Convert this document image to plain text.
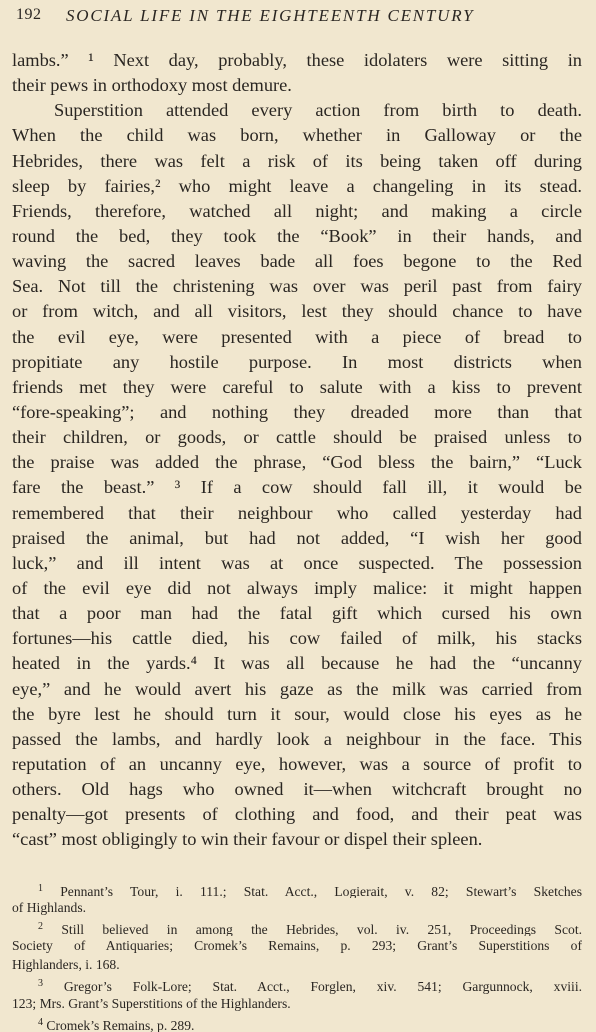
192 SOCIAL LIFE IN THE EIGHTEENTH CENTURY
lambs.” ¹ Next day, probably, these idolaters were sitting in
their pews in orthodoxy most demure.
Superstition attended every action from birth to death.
When the child was born, whether in Galloway or the
Hebrides, there was felt a risk of its being taken off during
sleep by fairies,² who might leave a changeling in its stead.
Friends, therefore, watched all night; and making a circle
round the bed, they took the “Book” in their hands, and
waving the sacred leaves bade all foes begone to the Red
Sea. Not till the christening was over was peril past from fairy
or from witch, and all visitors, lest they should chance to have
the evil eye, were presented with a piece of bread to
propitiate any hostile purpose. In most districts when
friends met they were careful to salute with a kiss to prevent
“fore-speaking”; and nothing they dreaded more than that
their children, or goods, or cattle should be praised unless to
the praise was added the phrase, “God bless the bairn,” “Luck
fare the beast.” ³ If a cow should fall ill, it would be
remembered that their neighbour who called yesterday had
praised the animal, but had not added, “I wish her good
luck,” and ill intent was at once suspected. The possession
of the evil eye did not always imply malice: it might happen
that a poor man had the fatal gift which cursed his own
fortunes—his cattle died, his cow failed of milk, his stacks
heated in the yards.⁴ It was all because he had the “uncanny
eye,” and he would avert his gaze as the milk was carried from
the byre lest he should turn it sour, would close his eyes as he
passed the lambs, and hardly look a neighbour in the face. This
reputation of an uncanny eye, however, was a source of profit to
others. Old hags who owned it—when witchcraft brought no
penalty—got presents of clothing and food, and their peat was
“cast” most obligingly to win their favour or dispel their spleen.
$^1$ Pennant’s Tour, i. 111.; Stat. Acct., Logierait, v. 82; Stewart’s Sketches
of Highlands.
$^2$ Still believed in among the Hebrides, vol. iv. 251, Proceedings Scot.
Society of Antiquaries; Cromek’s Remains, p. 293; Grant’s Superstitions of
Highlanders, i. 168.
$^3$ Gregor’s Folk-Lore; Stat. Acct., Forglen, xiv. 541; Gargunnock, xviii.
123; Mrs. Grant’s Superstitions of the Highlanders.
$^4$ Cromek’s Remains, p. 289.
